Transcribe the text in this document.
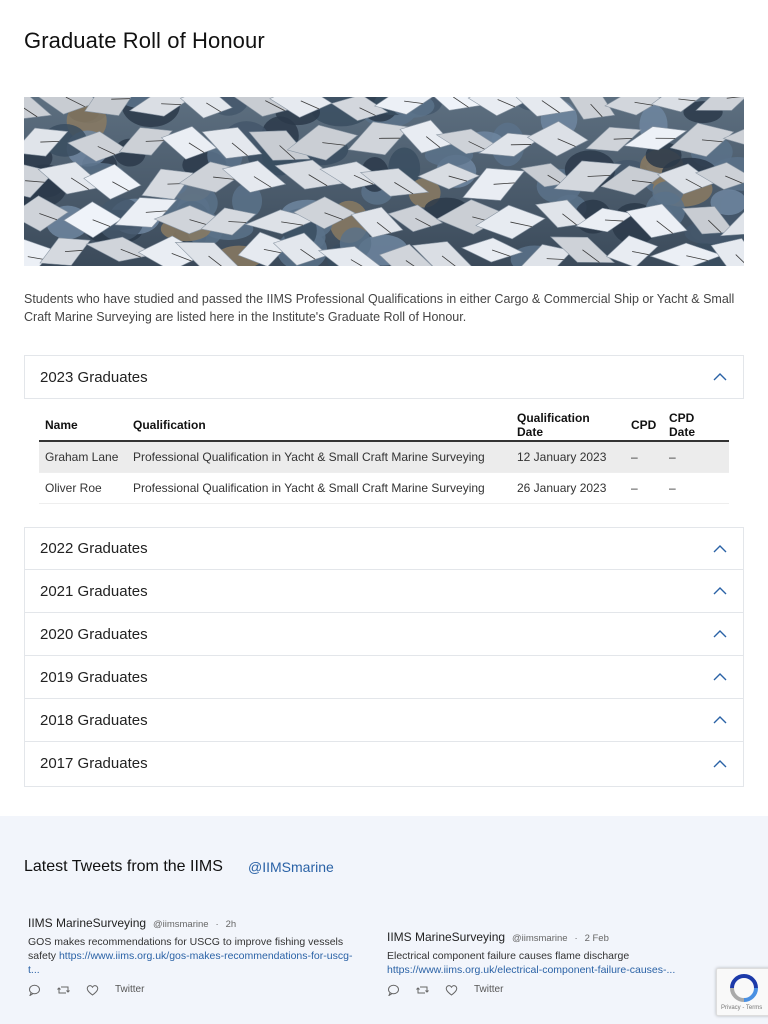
Graduate Roll of Honour

Students who have studied and passed the IIMS Professional Qualifications in either Cargo & Commercial Ship or Yacht & Small Craft Marine Surveying are listed here in the Institute's Graduate Roll of Honour.

2023 Graduates
Name	Qualification	Qualification Date	CPD	CPD Date
Graham Lane	Professional Qualification in Yacht & Small Craft Marine Surveying	12 January 2023	–	–
Oliver Roe	Professional Qualification in Yacht & Small Craft Marine Surveying	26 January 2023	–	–
2022 Graduates
2021 Graduates
2020 Graduates
2019 Graduates
2018 Graduates
2017 Graduates
Latest Tweets from the IIMS @IIMSmarine
IIMS MarineSurveying @iimsmarine · 2h
GOS makes recommendations for USCG to improve fishing vessels safety https://www.iims.org.uk/gos-makes-recommendations-for-uscg-t...
Twitter
IIMS MarineSurveying @iimsmarine · 2 Feb
Electrical component failure causes flame discharge
https://www.iims.org.uk/electrical-component-failure-causes-...
Twitter
Privacy - Terms
